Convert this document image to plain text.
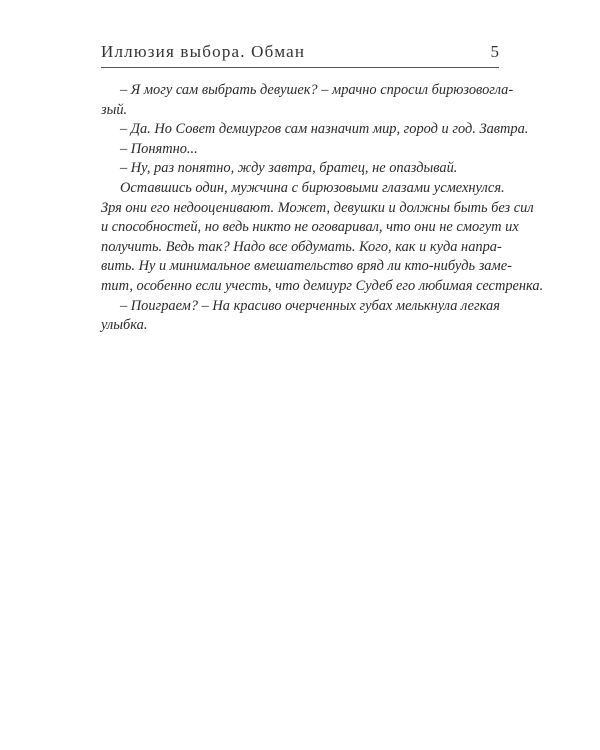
Иллюзия выбора. Обман	5
– Я могу сам выбрать девушек? – мрачно спросил бирюзовогла-
зый.
– Да. Но Совет демиургов сам назначит мир, город и год. Завтра.
– Понятно...
– Ну, раз понятно, жду завтра, братец, не опаздывай.
Оставшись один, мужчина с бирюзовыми глазами усмехнулся.
Зря они его недооценивают. Может, девушки и должны быть без сил
и способностей, но ведь никто не оговаривал, что они не смогут их
получить. Ведь так? Надо все обдумать. Кого, как и куда напра-
вить. Ну и минимальное вмешательство вряд ли кто-нибудь заме-
тит, особенно если учесть, что демиург Судеб его любимая сестренка.
– Поиграем? – На красиво очерченных губах мелькнула легкая
улыбка.
